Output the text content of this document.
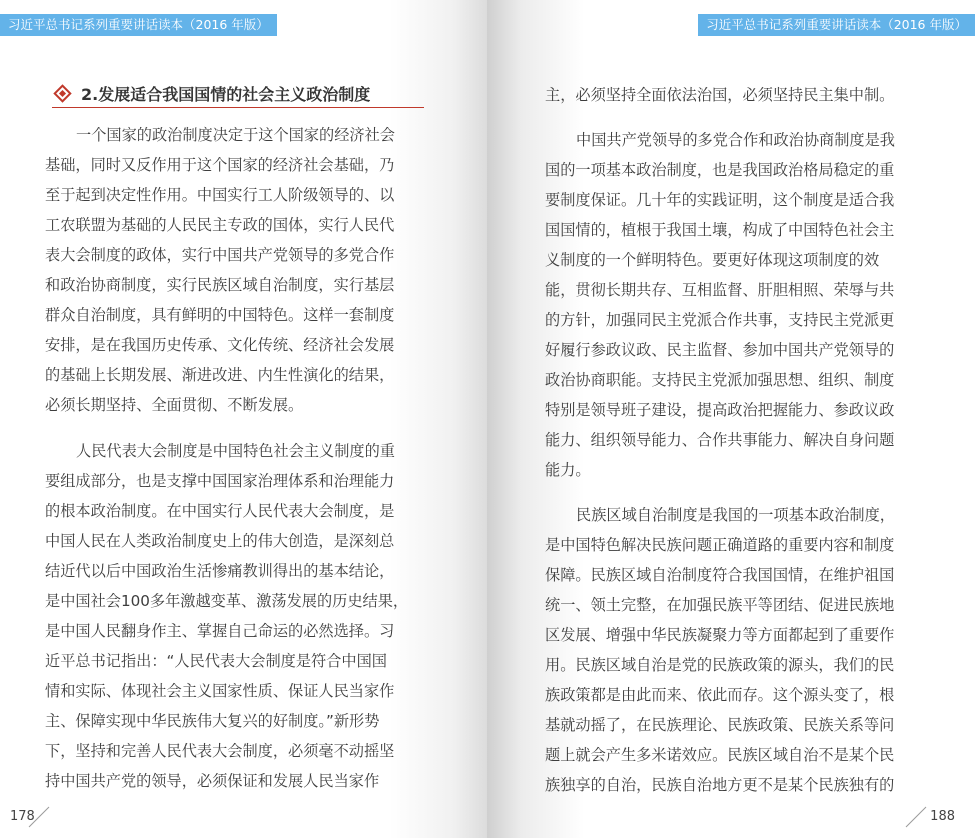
习近平总书记系列重要讲话读本（2016 年版）
2.发展适合我国国情的社会主义政治制度
一个国家的政治制度决定于这个国家的经济社会
基础，同时又反作用于这个国家的经济社会基础，乃
至于起到决定性作用。中国实行工人阶级领导的、以
工农联盟为基础的人民民主专政的国体，实行人民代
表大会制度的政体，实行中国共产党领导的多党合作
和政治协商制度，实行民族区域自治制度，实行基层
群众自治制度，具有鲜明的中国特色。这样一套制度
安排，是在我国历史传承、文化传统、经济社会发展
的基础上长期发展、渐进改进、内生性演化的结果，
必须长期坚持、全面贯彻、不断发展。
人民代表大会制度是中国特色社会主义制度的重
要组成部分，也是支撑中国国家治理体系和治理能力
的根本政治制度。在中国实行人民代表大会制度，是
中国人民在人类政治制度史上的伟大创造，是深刻总
结近代以后中国政治生活惨痛教训得出的基本结论，
是中国社会100多年激越变革、激荡发展的历史结果，
是中国人民翻身作主、掌握自己命运的必然选择。习
近平总书记指出：“人民代表大会制度是符合中国国
情和实际、体现社会主义国家性质、保证人民当家作
主、保障实现中华民族伟大复兴的好制度。”新形势
下，坚持和完善人民代表大会制度，必须毫不动摇坚
持中国共产党的领导，必须保证和发展人民当家作
178
习近平总书记系列重要讲话读本（2016 年版）
主，必须坚持全面依法治国，必须坚持民主集中制。
中国共产党领导的多党合作和政治协商制度是我
国的一项基本政治制度，也是我国政治格局稳定的重
要制度保证。几十年的实践证明，这个制度是适合我
国国情的，植根于我国土壤，构成了中国特色社会主
义制度的一个鲜明特色。要更好体现这项制度的效
能，贯彻长期共存、互相监督、肝胆相照、荣辱与共
的方针，加强同民主党派合作共事，支持民主党派更
好履行参政议政、民主监督、参加中国共产党领导的
政治协商职能。支持民主党派加强思想、组织、制度
特别是领导班子建设，提高政治把握能力、参政议政
能力、组织领导能力、合作共事能力、解决自身问题
能力。
民族区域自治制度是我国的一项基本政治制度，
是中国特色解决民族问题正确道路的重要内容和制度
保障。民族区域自治制度符合我国国情，在维护祖国
统一、领土完整，在加强民族平等团结、促进民族地
区发展、增强中华民族凝聚力等方面都起到了重要作
用。民族区域自治是党的民族政策的源头，我们的民
族政策都是由此而来、依此而存。这个源头变了，根
基就动摇了，在民族理论、民族政策、民族关系等问
题上就会产生多米诺效应。民族区域自治不是某个民
族独享的自治，民族自治地方更不是某个民族独有的
188
